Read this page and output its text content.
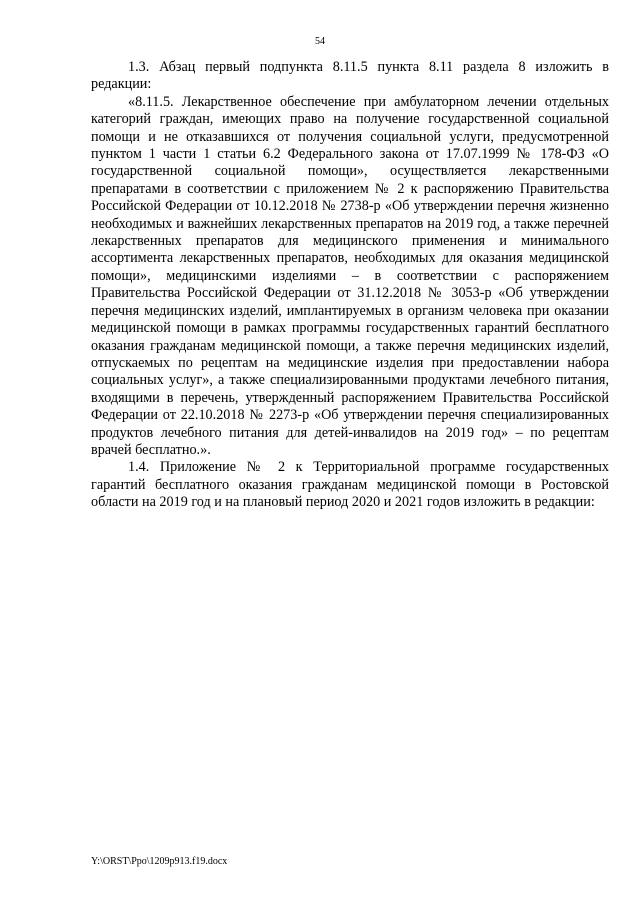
54

1.3. Абзац первый подпункта 8.11.5 пункта 8.11 раздела 8 изложить в редакции:

«8.11.5. Лекарственное обеспечение при амбулаторном лечении отдельных категорий граждан, имеющих право на получение государственной социальной помощи и не отказавшихся от получения социальной услуги, предусмотренной пунктом 1 части 1 статьи 6.2 Федерального закона от 17.07.1999 № 178-ФЗ «О государственной социальной помощи», осуществляется лекарственными препаратами в соответствии с приложением № 2 к распоряжению Правительства Российской Федерации от 10.12.2018 № 2738-р «Об утверждении перечня жизненно необходимых и важнейших лекарственных препаратов на 2019 год, а также перечней лекарственных препаратов для медицинского применения и минимального ассортимента лекарственных препаратов, необходимых для оказания медицинской помощи», медицинскими изделиями – в соответствии с распоряжением Правительства Российской Федерации от 31.12.2018 № 3053-р «Об утверждении перечня медицинских изделий, имплантируемых в организм человека при оказании медицинской помощи в рамках программы государственных гарантий бесплатного оказания гражданам медицинской помощи, а также перечня медицинских изделий, отпускаемых по рецептам на медицинские изделия при предоставлении набора социальных услуг», а также специализированными продуктами лечебного питания, входящими в перечень, утвержденный распоряжением Правительства Российской Федерации от 22.10.2018 № 2273-р «Об утверждении перечня специализированных продуктов лечебного питания для детей-инвалидов на 2019 год» – по рецептам врачей бесплатно.».

1.4. Приложение № 2 к Территориальной программе государственных гарантий бесплатного оказания гражданам медицинской помощи в Ростовской области на 2019 год и на плановый период 2020 и 2021 годов изложить в редакции:

Y:\ORST\Ppo\1209p913.f19.docx
